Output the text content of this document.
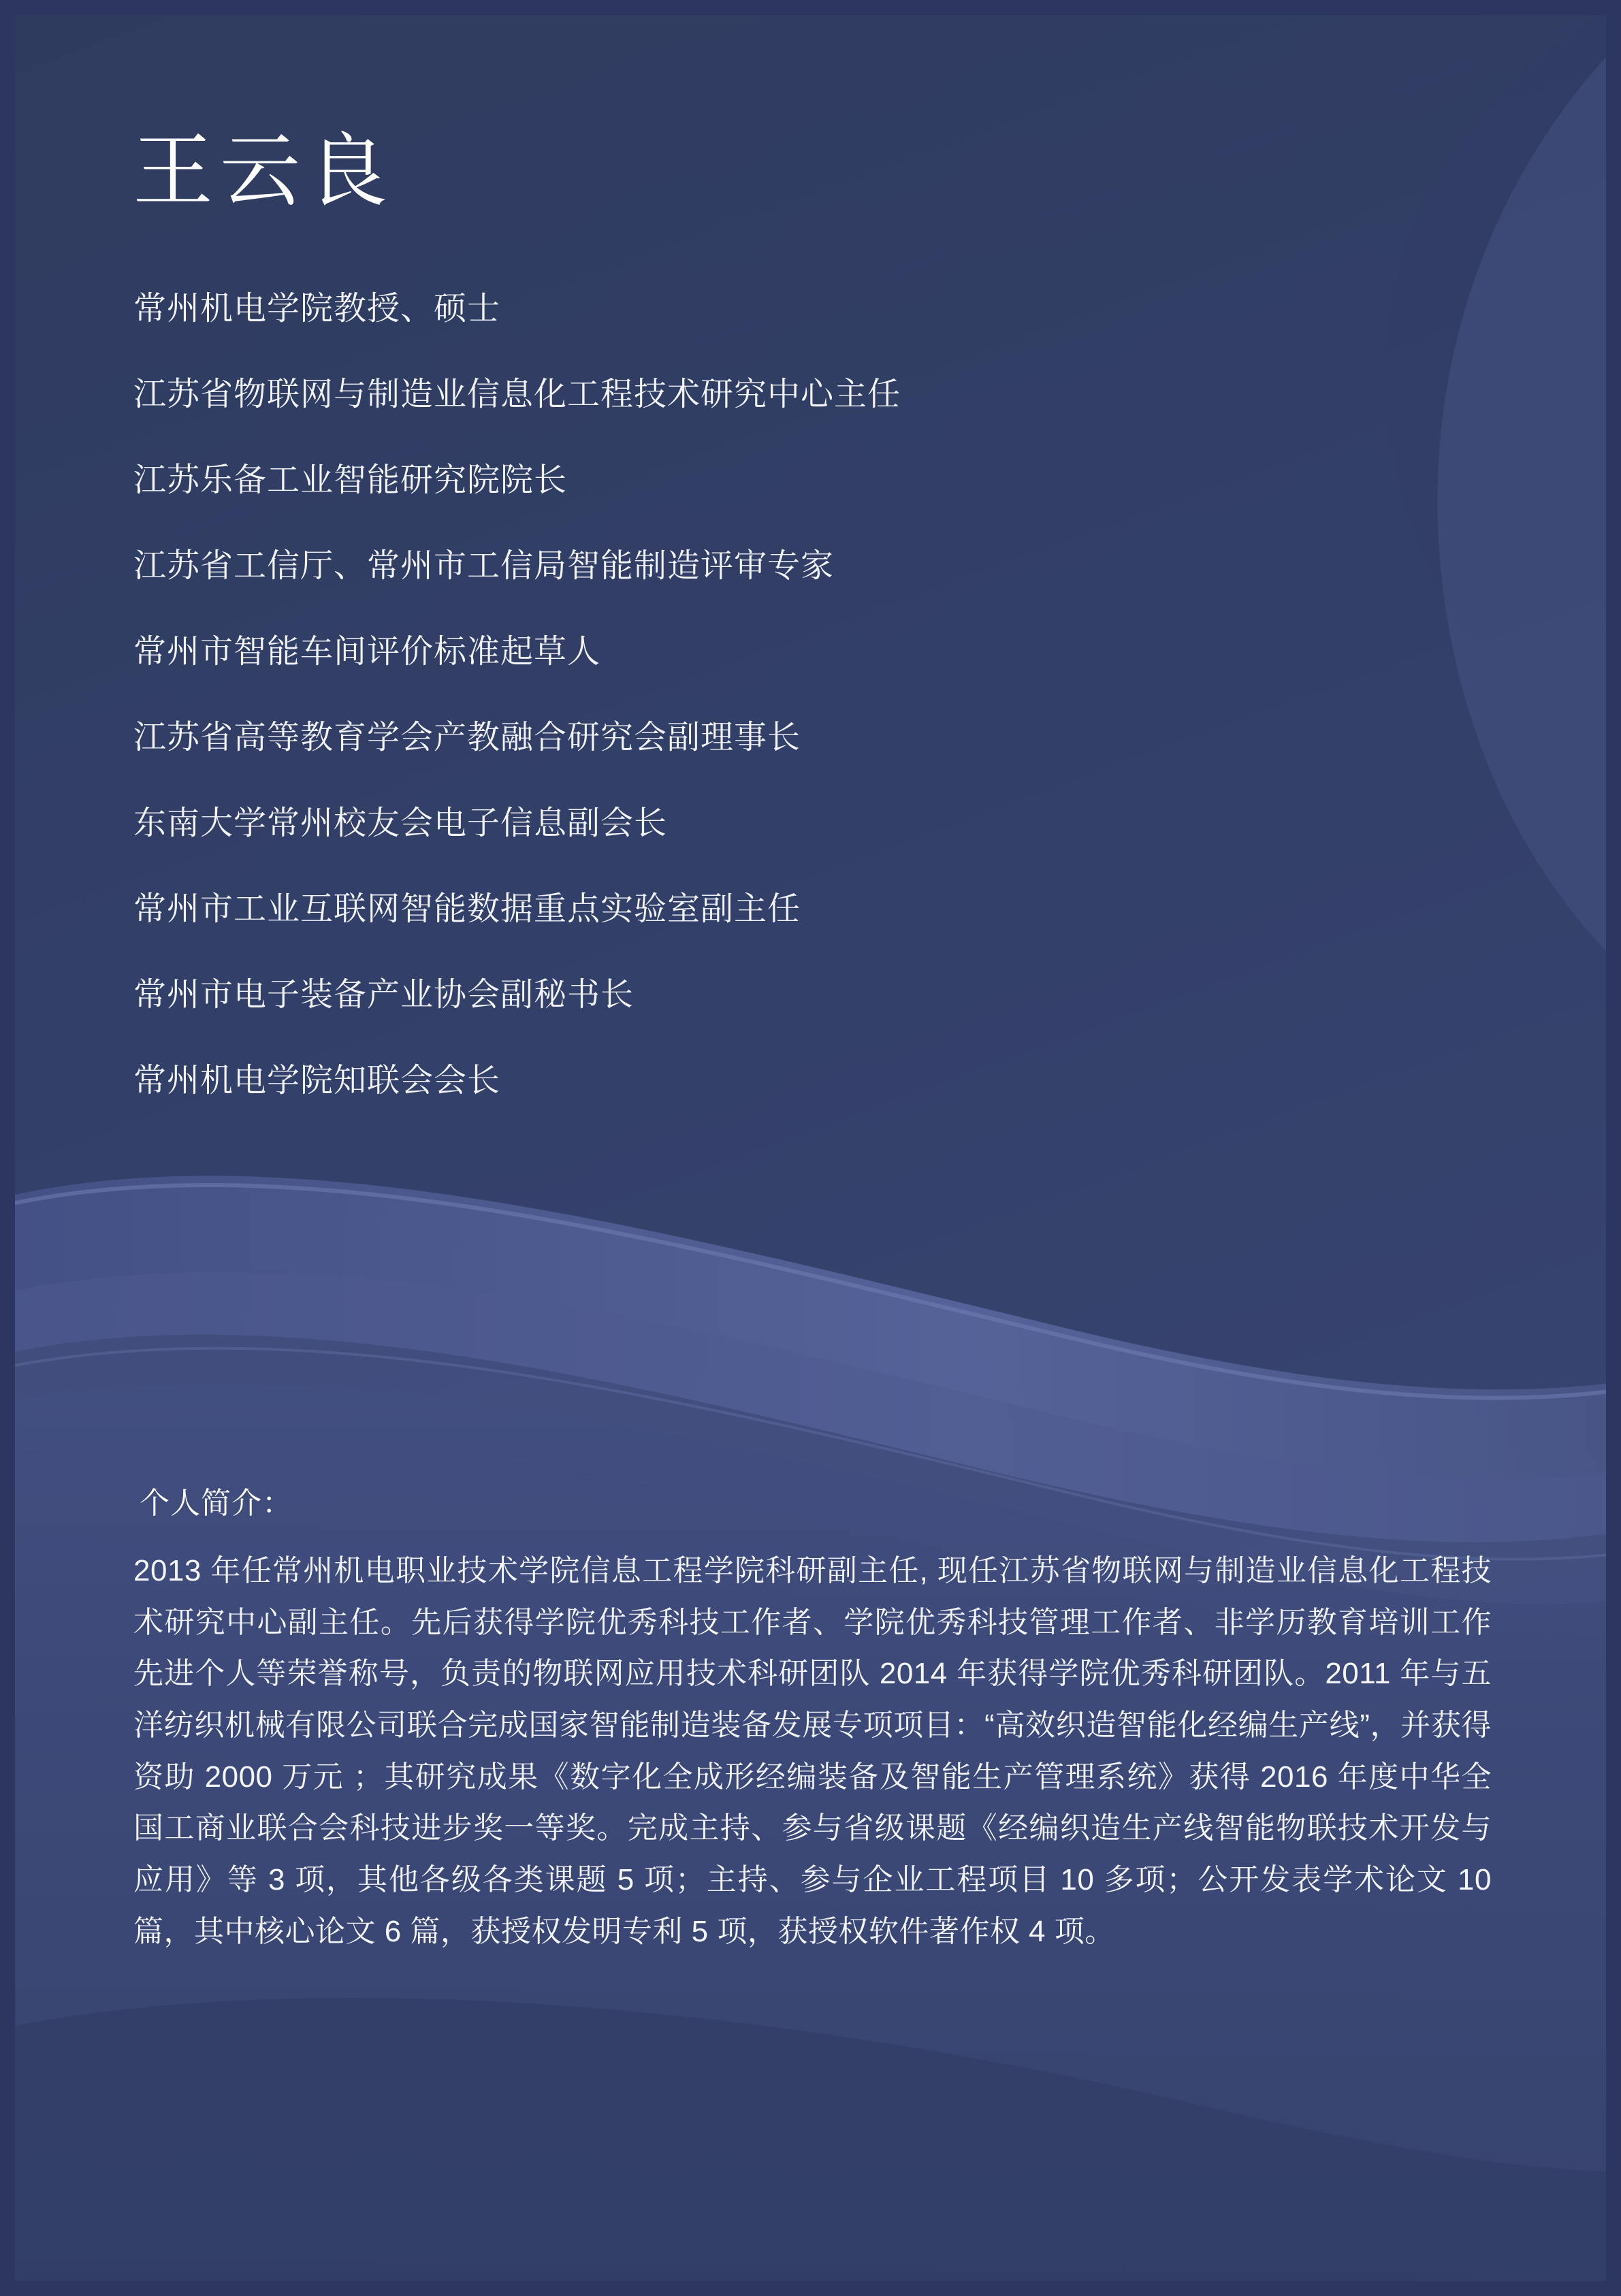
王云良
常州机电学院教授、硕士
江苏省物联网与制造业信息化工程技术研究中心主任
江苏乐备工业智能研究院院长
江苏省工信厅、常州市工信局智能制造评审专家
常州市智能车间评价标准起草人
江苏省高等教育学会产教融合研究会副理事长
东南大学常州校友会电子信息副会长
常州市工业互联网智能数据重点实验室副主任
常州市电子装备产业协会副秘书长
常州机电学院知联会会长
个人简介：
2013 年任常州机电职业技术学院信息工程学院科研副主任, 现任江苏省物联网与制造业信息化工程技术研究中心副主任。先后获得学院优秀科技工作者、学院优秀科技管理工作者、非学历教育培训工作先进个人等荣誉称号，负责的物联网应用技术科研团队 2014 年获得学院优秀科研团队。2011 年与五洋纺织机械有限公司联合完成国家智能制造装备发展专项项目：“高效织造智能化经编生产线”，并获得资助 2000 万元 ；其研究成果《数字化全成形经编装备及智能生产管理系统》获得 2016 年度中华全国工商业联合会科技进步奖一等奖。完成主持、参与省级课题《经编织造生产线智能物联技术开发与应用》等 3 项，其他各级各类课题 5 项；主持、参与企业工程项目 10 多项；公开发表学术论文 10 篇，其中核心论文 6 篇，获授权发明专利 5 项，获授权软件著作权 4 项。
